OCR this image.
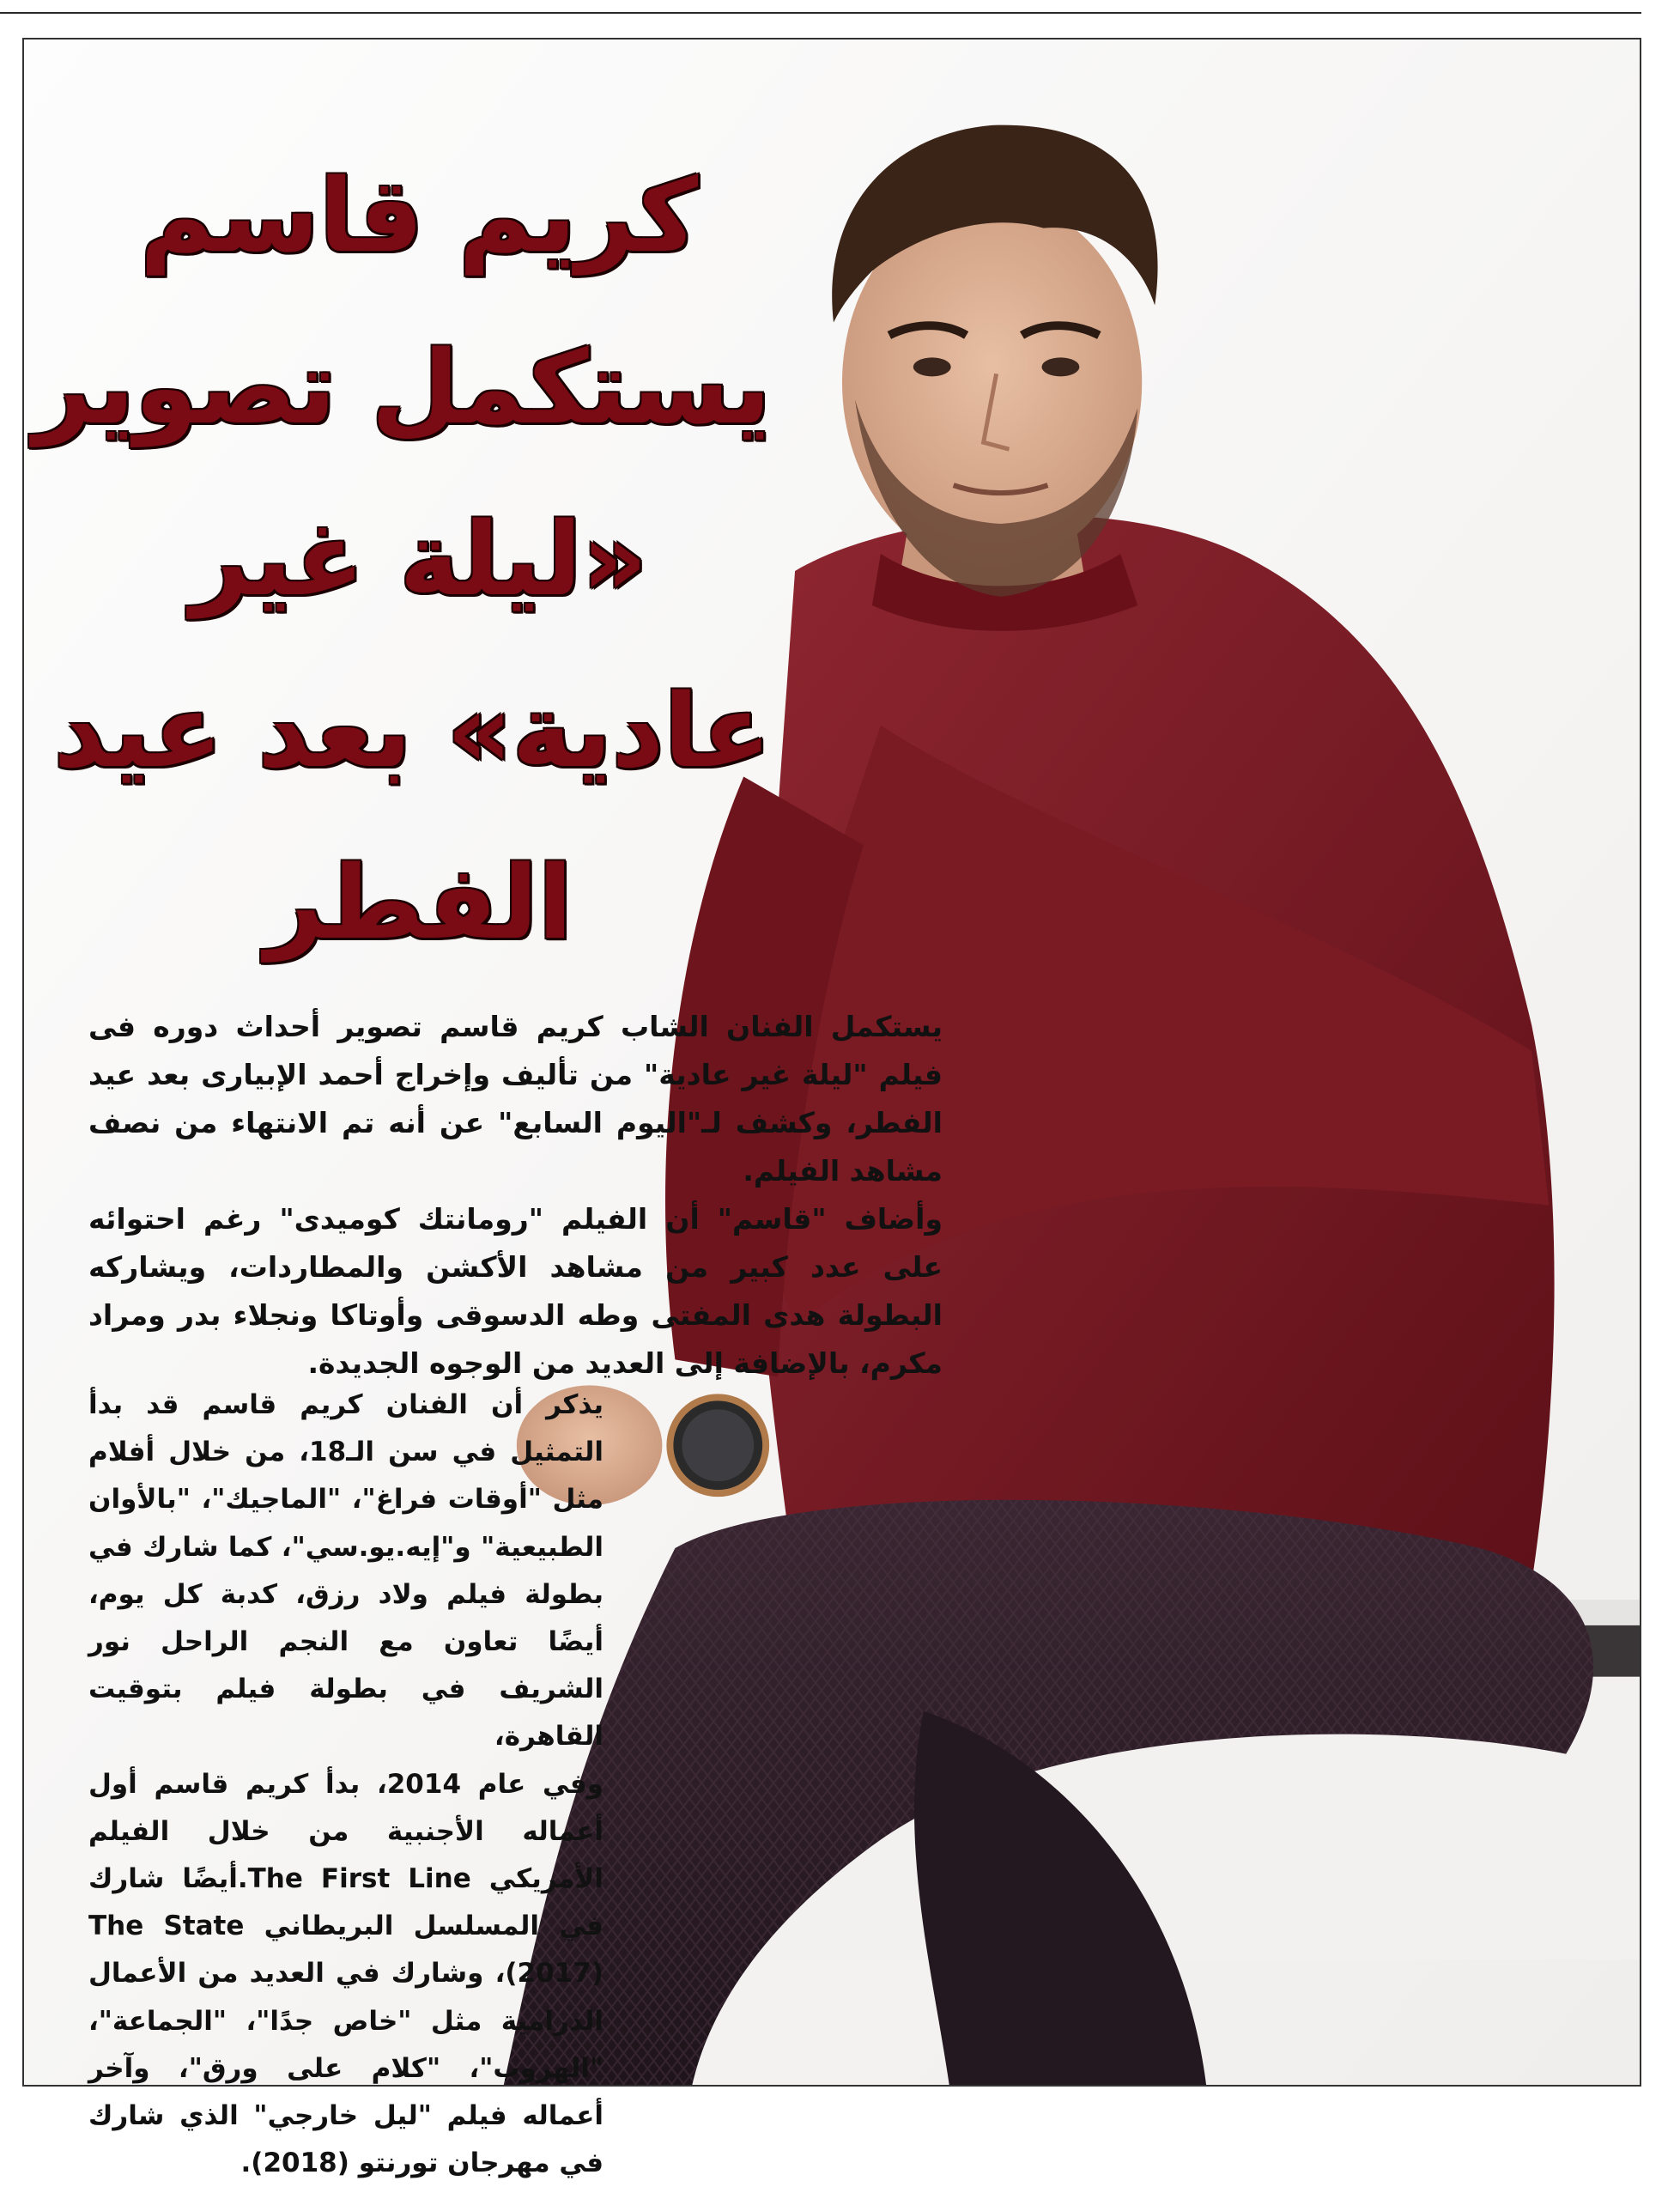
كريم قاسم
يستكمل تصوير
«ليلة غير
عادية» بعد عيد
الفطر

يستكمل الفنان الشاب كريم قاسم تصوير أحداث دوره فى فيلم "ليلة غير عادية" من تأليف وإخراج أحمد الإبيارى بعد عيد الفطر، وكشف لـ"اليوم السابع" عن أنه تم الانتهاء من نصف مشاهد الفيلم.

وأضاف "قاسم" أن الفيلم "رومانتك كوميدى" رغم احتوائه على عدد كبير من مشاهد الأكشن والمطاردات، ويشاركه البطولة هدى المفتى وطه الدسوقى وأوتاكا ونجلاء بدر ومراد مكرم، بالإضافة إلى العديد من الوجوه الجديدة.

يذكر أن الفنان كريم قاسم قد بدأ التمثيل في سن الـ18، من خلال أفلام مثل "أوقات فراغ"، "الماجيك"، "بالأوان الطبيعية" و"إيه.يو.سي"، كما شارك في بطولة فيلم ولاد رزق، كدبة كل يوم، أيضًا تعاون مع النجم الراحل نور الشريف في بطولة فيلم بتوقيت القاهرة،

وفي عام 2014، بدأ كريم قاسم أول أعماله الأجنبية من خلال الفيلم الأمريكي The First Line.أيضًا شارك في المسلسل البريطاني The State (2017)، وشارك في العديد من الأعمال الدرامية مثل "خاص جدًا"، "الجماعة"، "الهروب"، "كلام على ورق"، وآخر أعماله فيلم "ليل خارجي" الذي شارك في مهرجان تورنتو (2018).
